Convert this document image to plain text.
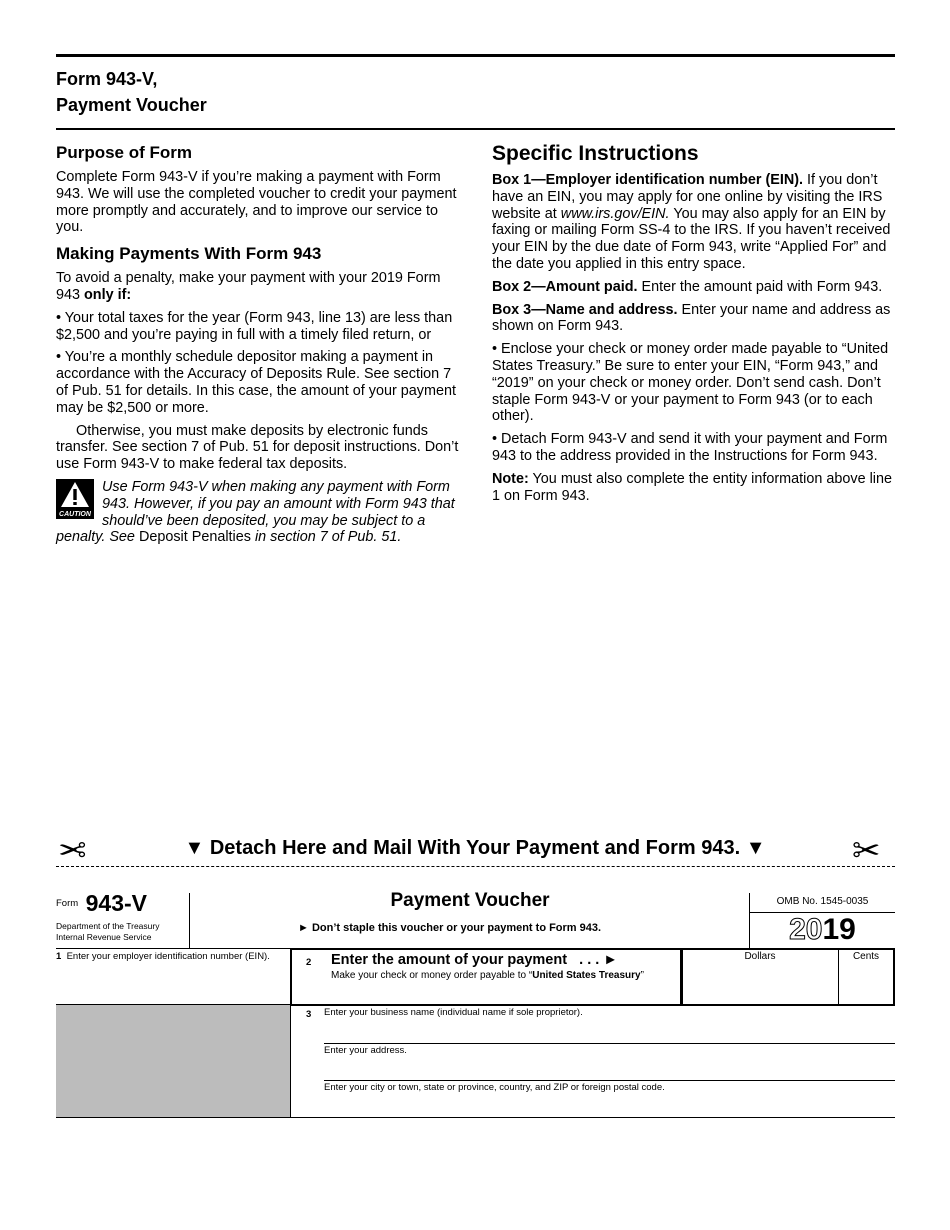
Form 943-V,
Payment Voucher
Purpose of Form

Complete Form 943-V if you’re making a payment with Form 943. We will use the completed voucher to credit your payment more promptly and accurately, and to improve our service to you.

Making Payments With Form 943

To avoid a penalty, make your payment with your 2019 Form 943 only if:

• Your total taxes for the year (Form 943, line 13) are less than $2,500 and you’re paying in full with a timely filed return, or

• You’re a monthly schedule depositor making a payment in accordance with the Accuracy of Deposits Rule. See section 7 of Pub. 51 for details. In this case, the amount of your payment may be $2,500 or more.

Otherwise, you must make deposits by electronic funds transfer. See section 7 of Pub. 51 for deposit instructions. Don’t use Form 943-V to make federal tax deposits.

CAUTION
Use Form 943-V when making any payment with Form 943. However, if you pay an amount with Form 943 that should’ve been deposited, you may be subject to a penalty. See Deposit Penalties in section 7 of Pub. 51.
Specific Instructions

Box 1—Employer identification number (EIN). If you don’t have an EIN, you may apply for one online by visiting the IRS website at www.irs.gov/EIN. You may also apply for an EIN by faxing or mailing Form SS-4 to the IRS. If you haven’t received your EIN by the due date of Form 943, write “Applied For” and the date you applied in this entry space.

Box 2—Amount paid. Enter the amount paid with Form 943.

Box 3—Name and address. Enter your name and address as shown on Form 943.

• Enclose your check or money order made payable to “United States Treasury.” Be sure to enter your EIN, “Form 943,” and “2019” on your check or money order. Don’t send cash. Don’t staple Form 943-V or your payment to Form 943 (or to each other).

• Detach Form 943-V and send it with your payment and Form 943 to the address provided in the Instructions for Form 943.

Note: You must also complete the entity information above line 1 on Form 943.

✂	▼ Detach Here and Mail With Your Payment and Form 943. ▼	✂
Form 943-V
Department of the Treasury
Internal Revenue Service
Payment Voucher
► Don’t staple this voucher or your payment to Form 943.
OMB No. 1545-0035
2019
1 Enter your employer identification number (EIN).
2 Enter the amount of your payment . . . ►
Make your check or money order payable to “United States Treasury”
Dollars	Cents
3 Enter your business name (individual name if sole proprietor).
Enter your address.
Enter your city or town, state or province, country, and ZIP or foreign postal code.
